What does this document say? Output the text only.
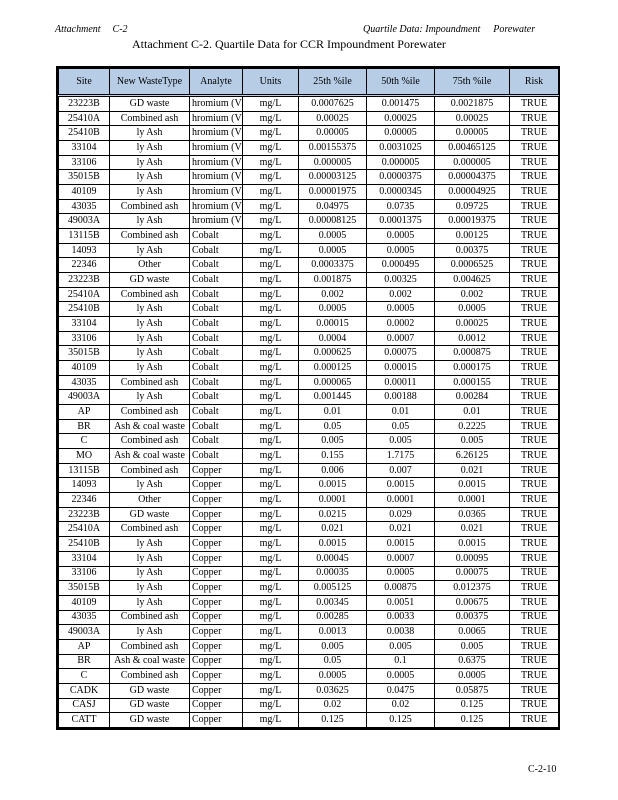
Attachment C-2	Quartile Data: Impoundment Porewater
Attachment C-2. Quartile Data for CCR Impoundment Porewater
Site	New WasteType	Analyte	Units	25th %ile	50th %ile	75th %ile	Risk
23223B	GD waste	hromium (V	mg/L	0.0007625	0.001475	0.0021875	TRUE
25410A	Combined ash	hromium (V	mg/L	0.00025	0.00025	0.00025	TRUE
25410B	ly Ash	hromium (V	mg/L	0.00005	0.00005	0.00005	TRUE
33104	ly Ash	hromium (V	mg/L	0.00155375	0.0031025	0.00465125	TRUE
33106	ly Ash	hromium (V	mg/L	0.000005	0.000005	0.000005	TRUE
35015B	ly Ash	hromium (V	mg/L	0.00003125	0.0000375	0.00004375	TRUE
40109	ly Ash	hromium (V	mg/L	0.00001975	0.0000345	0.00004925	TRUE
43035	Combined ash	hromium (V	mg/L	0.04975	0.0735	0.09725	TRUE
49003A	ly Ash	hromium (V	mg/L	0.00008125	0.0001375	0.00019375	TRUE
13115B	Combined ash	Cobalt	mg/L	0.0005	0.0005	0.00125	TRUE
14093	ly Ash	Cobalt	mg/L	0.0005	0.0005	0.00375	TRUE
22346	Other	Cobalt	mg/L	0.0003375	0.000495	0.0006525	TRUE
23223B	GD waste	Cobalt	mg/L	0.001875	0.00325	0.004625	TRUE
25410A	Combined ash	Cobalt	mg/L	0.002	0.002	0.002	TRUE
25410B	ly Ash	Cobalt	mg/L	0.0005	0.0005	0.0005	TRUE
33104	ly Ash	Cobalt	mg/L	0.00015	0.0002	0.00025	TRUE
33106	ly Ash	Cobalt	mg/L	0.0004	0.0007	0.0012	TRUE
35015B	ly Ash	Cobalt	mg/L	0.000625	0.00075	0.000875	TRUE
40109	ly Ash	Cobalt	mg/L	0.000125	0.00015	0.000175	TRUE
43035	Combined ash	Cobalt	mg/L	0.000065	0.00011	0.000155	TRUE
49003A	ly Ash	Cobalt	mg/L	0.001445	0.00188	0.00284	TRUE
AP	Combined ash	Cobalt	mg/L	0.01	0.01	0.01	TRUE
BR	Ash & coal waste	Cobalt	mg/L	0.05	0.05	0.2225	TRUE
C	Combined ash	Cobalt	mg/L	0.005	0.005	0.005	TRUE
MO	Ash & coal waste	Cobalt	mg/L	0.155	1.7175	6.26125	TRUE
13115B	Combined ash	Copper	mg/L	0.006	0.007	0.021	TRUE
14093	ly Ash	Copper	mg/L	0.0015	0.0015	0.0015	TRUE
22346	Other	Copper	mg/L	0.0001	0.0001	0.0001	TRUE
23223B	GD waste	Copper	mg/L	0.0215	0.029	0.0365	TRUE
25410A	Combined ash	Copper	mg/L	0.021	0.021	0.021	TRUE
25410B	ly Ash	Copper	mg/L	0.0015	0.0015	0.0015	TRUE
33104	ly Ash	Copper	mg/L	0.00045	0.0007	0.00095	TRUE
33106	ly Ash	Copper	mg/L	0.00035	0.0005	0.00075	TRUE
35015B	ly Ash	Copper	mg/L	0.005125	0.00875	0.012375	TRUE
40109	ly Ash	Copper	mg/L	0.00345	0.0051	0.00675	TRUE
43035	Combined ash	Copper	mg/L	0.00285	0.0033	0.00375	TRUE
49003A	ly Ash	Copper	mg/L	0.0013	0.0038	0.0065	TRUE
AP	Combined ash	Copper	mg/L	0.005	0.005	0.005	TRUE
BR	Ash & coal waste	Copper	mg/L	0.05	0.1	0.6375	TRUE
C	Combined ash	Copper	mg/L	0.0005	0.0005	0.0005	TRUE
CADK	GD waste	Copper	mg/L	0.03625	0.0475	0.05875	TRUE
CASJ	GD waste	Copper	mg/L	0.02	0.02	0.125	TRUE
CATT	GD waste	Copper	mg/L	0.125	0.125	0.125	TRUE
C-2-10
